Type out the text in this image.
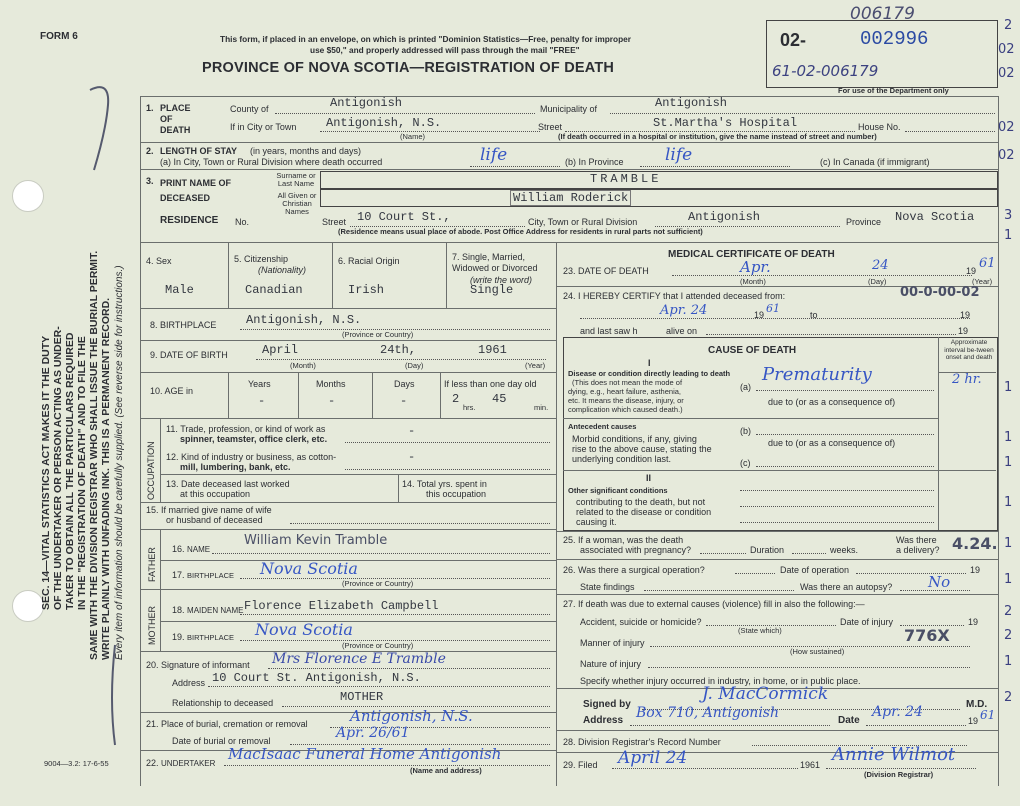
FORM 6	This form, if placed in an envelope, on which is printed "Dominion Statistics—Free, penalty for improper
use $50," and properly addressed will pass through the mail "FREE"
PROVINCE OF NOVA SCOTIA—REGISTRATION OF DEATH
006179
02-	002996
61-02-006179
For use of the Department only
SEC. 14—VITAL STATISTICS ACT MAKES IT THE DUTY OF THE UNDERTAKER OR PERSON ACTING AS UNDER- TAKER TO OBTAIN ALL THE PARTICULARS REQUIRED IN THE "REGISTRATION OF DEATH" AND TO FILE THE SAME WITH THE DIVISION REGISTRAR WHO SHALL ISSUE THE BURIAL PERMIT. WRITE PLAINLY WITH UNFADING INK. THIS IS A PERMANENT RECORD. Every item of information should be carefully supplied. (See reverse side for instructions.)
9004—3.2: 17-6-55
1. PLACE OF DEATH
County of	Antigonish	Municipality of	Antigonish
If in City or Town Antigonish, N.S.
(Name)
Street	St.Martha's Hospital	House No.
(If death occurred in a hospital or institution, give the name instead of street and number)
2. LENGTH OF STAY (in years, months and days)
(a) In City, Town or Rural Division where death occurred	life	(b) In Province life	(c) In Canada (if immigrant)
3. PRINT NAME OF DECEASED
Surname or Last Name	TRAMBLE
All Given or Christian Names
William Roderick
RESIDENCE No.	Street 10 Court St.,	City, Town or Rural Division	Antigonish	Province Nova Scotia
(Residence means usual place of abode. Post Office Address for residents in rural parts not sufficient)
4. Sex
Male
5. Citizenship
(Nationality)
Canadian
6. Racial Origin
Irish
7. Single, Married, Widowed or Divorced
(write the word)
Single
8. BIRTHPLACE Antigonish, N.S.
(Province or Country)
9. DATE OF BIRTH	April	24th,	1961
(Month)	(Day)	(Year)
10. AGE in
Years	Months	Days
-	-	-
If less than one day old
2
hrs.
45
min.
OCCUPATION
11. Trade, profession, or kind of work as
spinner, teamster, office clerk, etc.
-
12. Kind of industry or business, as cotton-
mill, lumbering, bank, etc.
-
13. Date deceased last worked
at this occupation
14. Total yrs. spent in
this occupation
15. If married give name of wife
or husband of deceased
FATHER 16. NAME
William Kevin Tramble
17. BIRTHPLACE Nova Scotia
(Province or Country)
MOTHER 18. MAIDEN NAME Florence Elizabeth Campbell
19. BIRTHPLACE Nova Scotia
(Province or Country)
20. Signature of informant Mrs Florence E Tramble
Address 10 Court St. Antigonish, N.S.
Relationship to deceased	MOTHER
21. Place of burial, cremation or removal	Antigonish, N.S.
Date of burial or removal	Apr. 26/61
22. UNDERTAKER
MacIsaac Funeral Home Antigonish
(Name and address)
MEDICAL CERTIFICATE OF DEATH
23. DATE OF DEATH	Apr.	24	19 61
(Month)	(Day)	(Year)
24. I HEREBY CERTIFY that I attended deceased from:
Apr. 24	19 61	to	19
and last saw h	alive on	19
CAUSE OF DEATH
Approximate interval be-tween onset and death
I
Disease or condition directly leading to death
(This does not mean the mode of
dying, e.g., heart failure, asthenia,
etc. It means the disease, injury, or
complication which caused death.)
(a)
Prematurity	2 hr.
due to (or as a consequence of)
Antecedent causes
Morbid conditions, if any, giving
rise to the above cause, stating the
underlying condition last.
(b)
due to (or as a consequence of)
(c)
II
Other significant conditions
contributing to the death, but not
related to the disease or condition
causing it.
25. If a woman, was the death
associated with pregnancy?	Duration	weeks.
Was there
a delivery? 4.24.
26. Was there a surgical operation?	Date of operation	19
State findings	Was there an autopsy? No
27. If death was due to external causes (violence) fill in also the following:—
Accident, suicide or homicide?
(State which)
Date of injury	19
Manner of injury	776X
(How sustained)
Nature of injury
Specify whether injury occurred in industry, in home, or in public place.
Signed by
J. MacCormick
M.D.
Address Box 710, Antigonish	Date
Apr. 24
19 61
28. Division Registrar's Record Number
29. Filed April 24	1961 Annie Wilmot
(Division Registrar)
00-0-00-02
2
02
02
02
02
3
1
1
1
1
1
1
1
2
2
1
2
